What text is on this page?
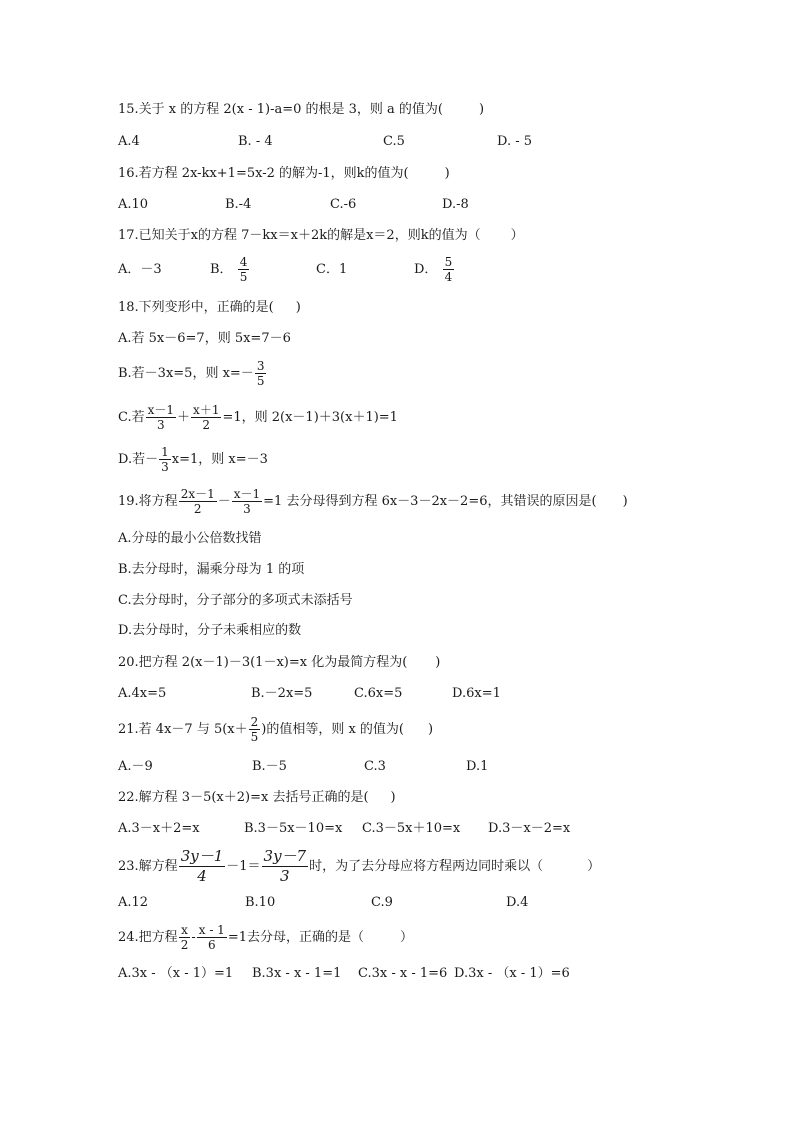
15.关于 x 的方程 2(x - 1)-a=0 的根是 3，则 a 的值为(	)
A.4	B. - 4	C.5	D. - 5
16.若方程 2x-kx+1=5x-2 的解为-1，则k的值为(	)
A.10	B.-4	C.-6	D.-8
17.已知关于x的方程 7－kx＝x＋2k的解是x＝2，则k的值为（ ）
A．－3	B． $\frac{4}{5}$	C．1	D． $\frac{5}{4}$
18.下列变形中，正确的是( )
A.若 5x－6=7，则 5x=7－6
B.若－3x=5，则 $x=- \frac{3}{5}$
C.若 $\frac{x-1}{3} + \frac{x+1}{2} =1$，则 2(x－1)＋3(x＋1)=1
D.若－ $\frac{1}{3} x=1$，则 x=－3
19.将方程 $\frac{2x-1}{2} - \frac{x-1}{3} =1$ 去分母得到方程 6x－3－2x－2=6，其错误的原因是( )
A.分母的最小公倍数找错
B.去分母时，漏乘分母为 1 的项
C.去分母时，分子部分的多项式未添括号
D.去分母时，分子未乘相应的数
20.把方程 2(x－1)－3(1－x)=x 化为最简方程为( )
A.4x=5	B.－2x=5	C.6x=5	D.6x=1
21.若 4x－7 与 $5(x+ \frac{2}{5}$ )的值相等，则 x 的值为( )
A.－9	B.－5	C.3	D.1
22.解方程 3－5(x＋2)=x 去括号正确的是( )
A.3－x＋2=x	B.3－5x－10=x	C.3－5x＋10=x	D.3－x－2=x
23.解方程 $\frac{3y-1}{4} -1= \frac{3y-7}{3}$ 时，为了去分母应将方程两边同时乘以（	）
A.12	B.10	C.9	D.4
24.把方程 $\frac{x}{2} - \frac{x - 1}{6} =1$去分母，正确的是（	）
A.3x - （x - 1）=1	B.3x - x - 1=1	C.3x - x - 1=6 D.3x - （x - 1）=6
